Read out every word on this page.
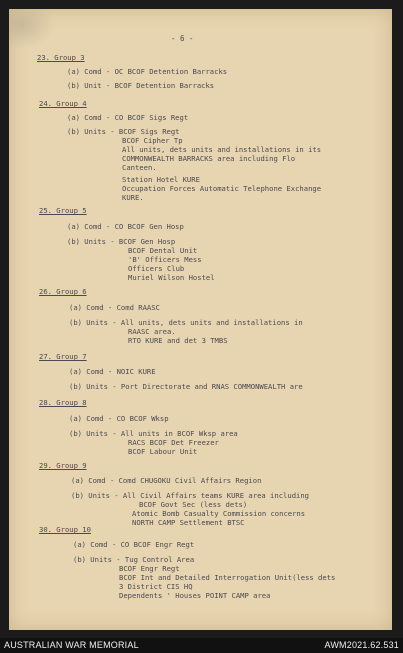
- 6 -
23. Group 3
(a) Comd - OC BCOF Detention Barracks
(b) Unit - BCOF Detention Barracks
24. Group 4
(a) Comd - CO BCOF Sigs Regt
(b) Units - BCOF Sigs Regt
BCOF Cipher Tp
All units, dets units and installations in its
COMMONWEALTH BARRACKS area including Flo
Canteen.
Station Hotel KURE
Occupation Forces Automatic Telephone Exchange
KURE.
25. Group 5
(a) Comd - CO BCOF Gen Hosp
(b) Units - BCOF Gen Hosp
BCOF Dental Unit
'B' Officers Mess
Officers Club
Muriel Wilson Hostel
26. Group 6
(a) Comd - Comd RAASC
(b) Units - All units, dets units and installations in
RAASC area.
RTO KURE and det 3 TMBS
27. Group 7
(a) Comd - NOIC KURE
(b) Units - Port Directorate and RNAS COMMONWEALTH are
28. Group 8
(a) Comd - CO BCOF Wksp
(b) Units - All units in BCOF Wksp area
RACS BCOF Det Freezer
BCOF Labour Unit
29. Group 9
(a) Comd - Comd CHUGOKU Civil Affairs Region
(b) Units - All Civil Affairs teams KURE area including
BCOF Govt Sec (less dets)
Atomic Bomb Casualty Commission concerns
NORTH CAMP Settlement BTSC
30. Group 10
(a) Comd - CO BCOF Engr Regt
(b) Units - Tug Control Area
BCOF Engr Regt
BCOF Int and Detailed Interrogation Unit(less dets
3 District CIS HQ
Dependents ' Houses POINT CAMP area
AUSTRALIAN WAR MEMORIAL	AWM2021.62.531
